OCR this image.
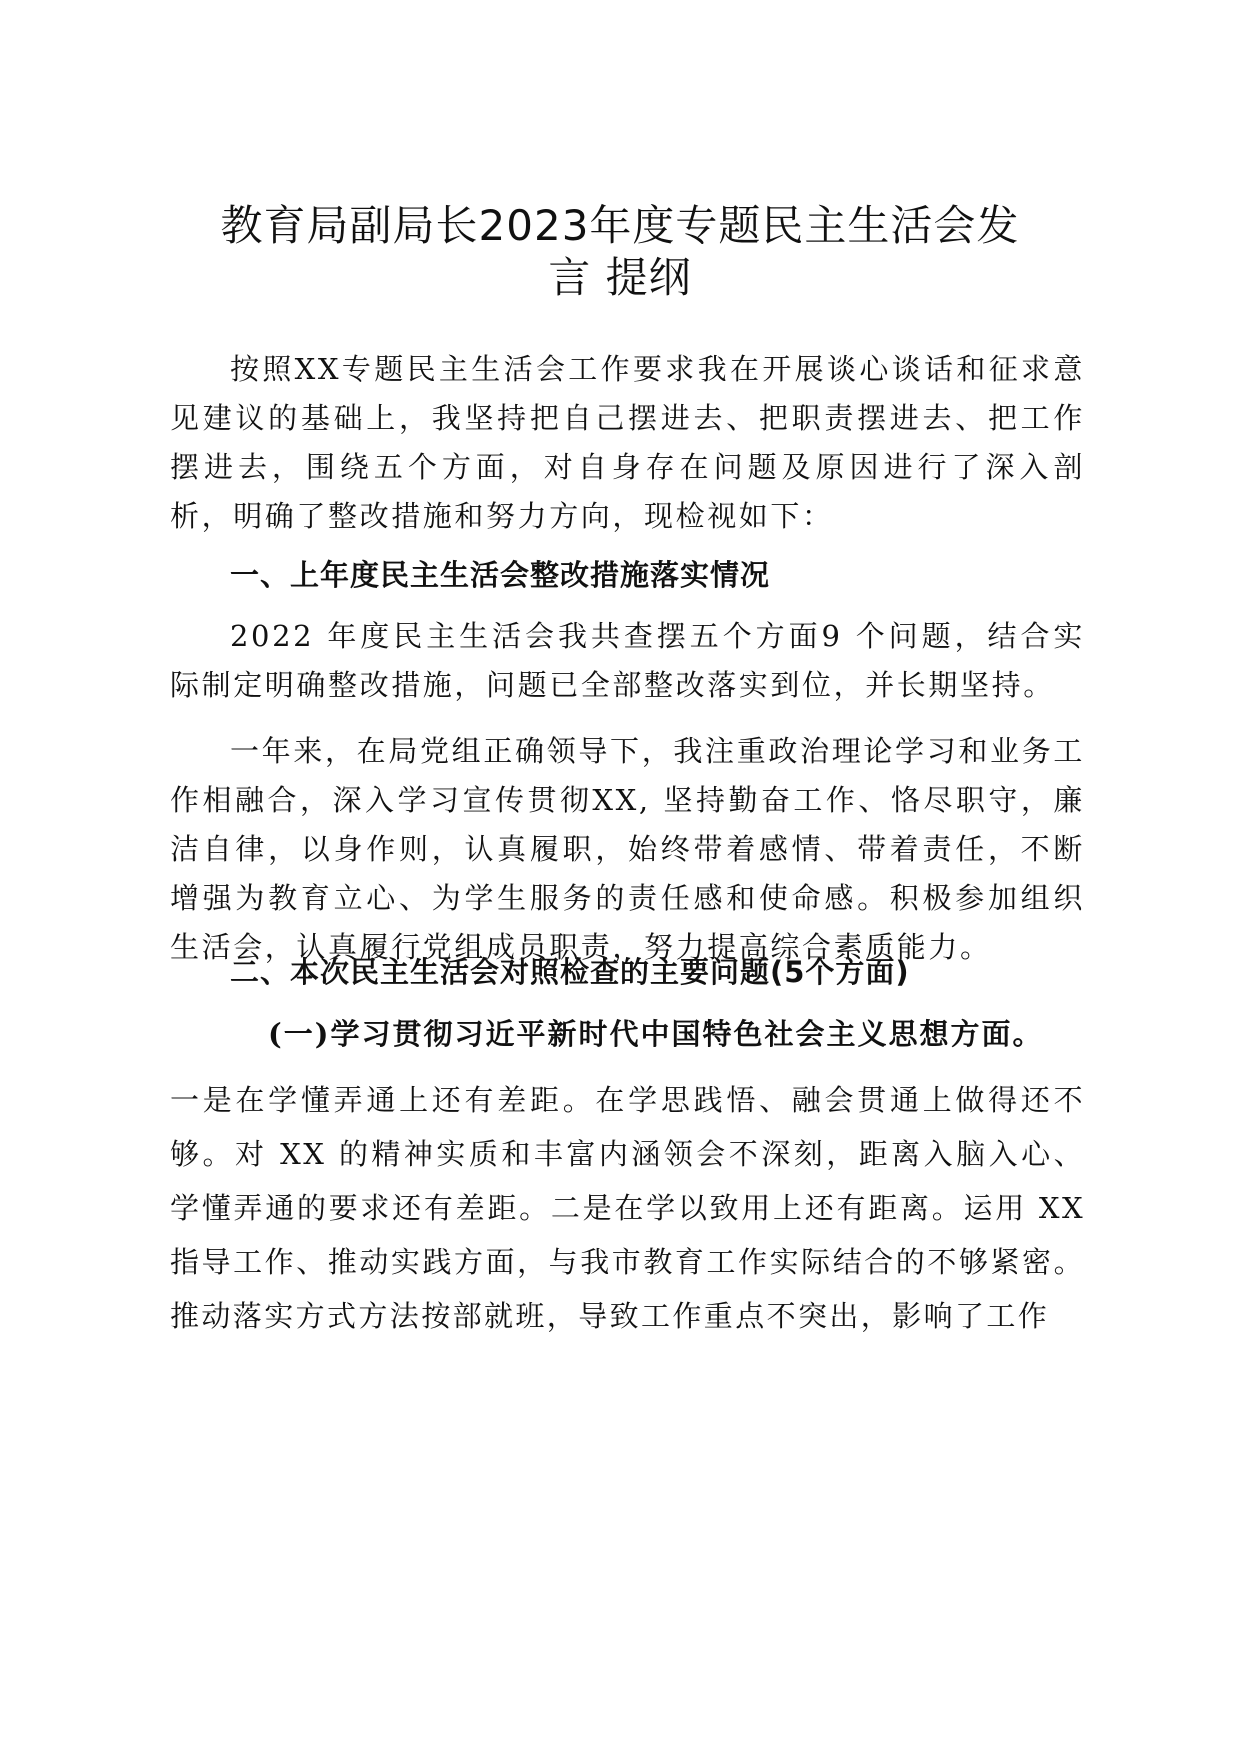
教育局副局长2023年度专题民主生活会发
言 提纲

按照XX专题民主生活会工作要求我在开展谈心谈话和征求意见建议的基础上，我坚持把自己摆进去、把职责摆进去、把工作摆进去，围绕五个方面，对自身存在问题及原因进行了深入剖析，明确了整改措施和努力方向，现检视如下：

一、上年度民主生活会整改措施落实情况

2022 年度民主生活会我共查摆五个方面9 个问题，结合实际制定明确整改措施，问题已全部整改落实到位，并长期坚持。

一年来，在局党组正确领导下，我注重政治理论学习和业务工作相融合，深入学习宣传贯彻XX, 坚持勤奋工作、恪尽职守，廉洁自律，以身作则，认真履职，始终带着感情、带着责任，不断增强为教育立心、为学生服务的责任感和使命感。积极参加组织生活会，认真履行党组成员职责，努力提高综合素质能力。

二、本次民主生活会对照检查的主要问题(5个方面)
(一)学习贯彻习近平新时代中国特色社会主义思想方面。

一是在学懂弄通上还有差距。在学思践悟、融会贯通上做得还不够。对 XX 的精神实质和丰富内涵领会不深刻，距离入脑入心、学懂弄通的要求还有差距。二是在学以致用上还有距离。运用 XX 指导工作、推动实践方面，与我市教育工作实际结合的不够紧密。推动落实方式方法按部就班，导致工作重点不突出，影响了工作
